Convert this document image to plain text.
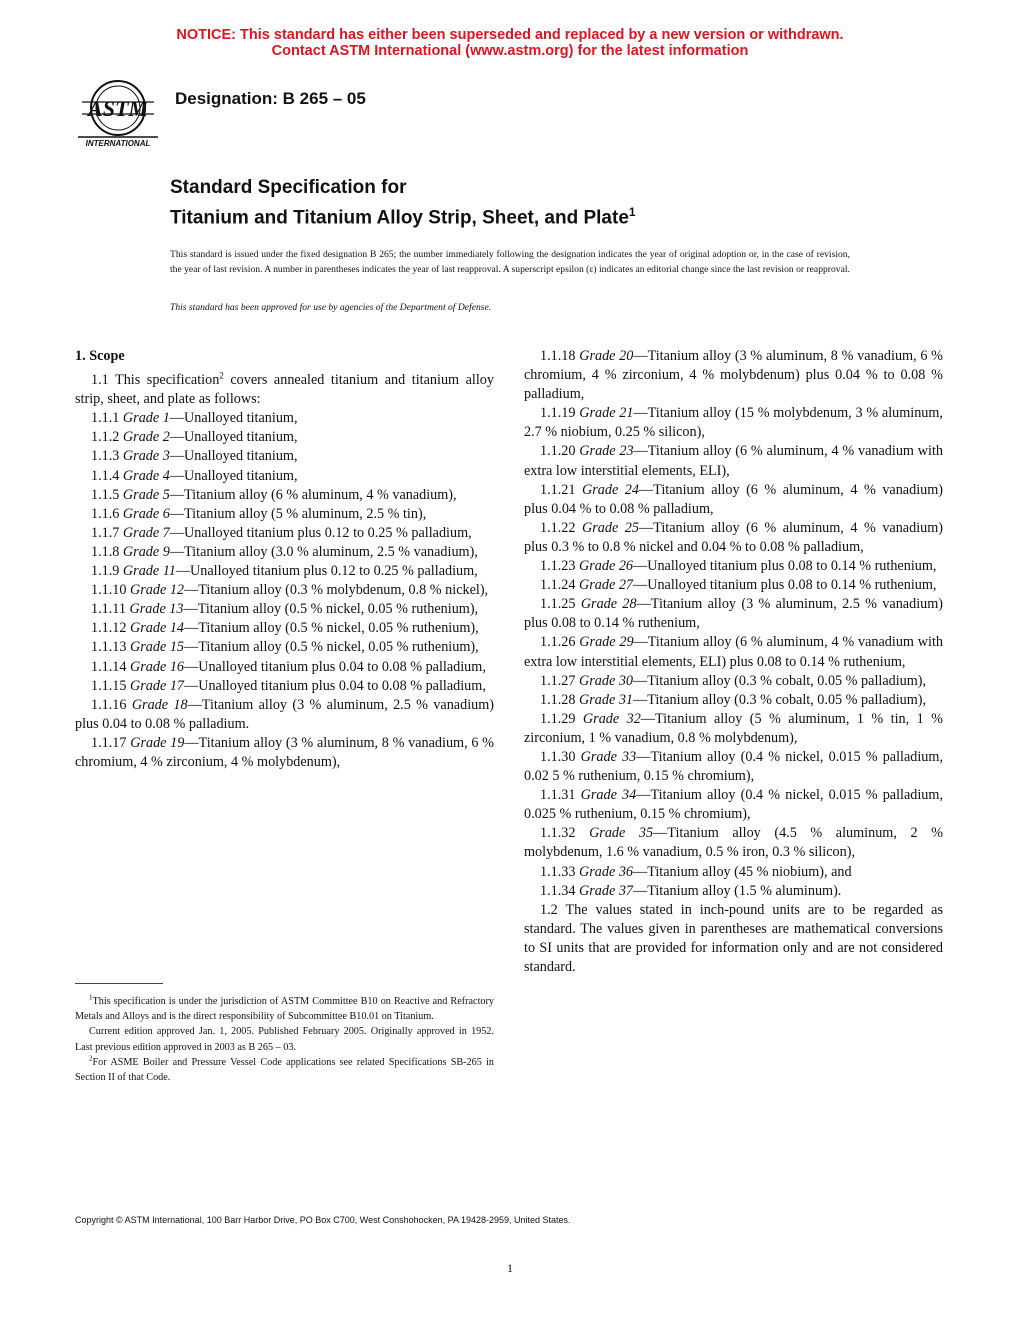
NOTICE: This standard has either been superseded and replaced by a new version or withdrawn.
Contact ASTM International (www.astm.org) for the latest information
ASTM
INTERNATIONAL
Designation: B 265 – 05
Standard Specification for
Titanium and Titanium Alloy Strip, Sheet, and Plate$^1$
This standard is issued under the fixed designation B 265; the number immediately following the designation indicates the year of original adoption or, in the case of revision, the year of last revision. A number in parentheses indicates the year of last reapproval. A superscript epsilon (ε) indicates an editorial change since the last revision or reapproval.
This standard has been approved for use by agencies of the Department of Defense.

1. Scope

1.1 This specification$^2$ covers annealed titanium and titanium alloy strip, sheet, and plate as follows:

1.1.1 Grade 1—Unalloyed titanium,

1.1.2 Grade 2—Unalloyed titanium,

1.1.3 Grade 3—Unalloyed titanium,

1.1.4 Grade 4—Unalloyed titanium,

1.1.5 Grade 5—Titanium alloy (6 % aluminum, 4 % vanadium),

1.1.6 Grade 6—Titanium alloy (5 % aluminum, 2.5 % tin),

1.1.7 Grade 7—Unalloyed titanium plus 0.12 to 0.25 % palladium,

1.1.8 Grade 9—Titanium alloy (3.0 % aluminum, 2.5 % vanadium),

1.1.9 Grade 11—Unalloyed titanium plus 0.12 to 0.25 % palladium,

1.1.10 Grade 12—Titanium alloy (0.3 % molybdenum, 0.8 % nickel),

1.1.11 Grade 13—Titanium alloy (0.5 % nickel, 0.05 % ruthenium),

1.1.12 Grade 14—Titanium alloy (0.5 % nickel, 0.05 % ruthenium),

1.1.13 Grade 15—Titanium alloy (0.5 % nickel, 0.05 % ruthenium),

1.1.14 Grade 16—Unalloyed titanium plus 0.04 to 0.08 % palladium,

1.1.15 Grade 17—Unalloyed titanium plus 0.04 to 0.08 % palladium,

1.1.16 Grade 18—Titanium alloy (3 % aluminum, 2.5 % vanadium) plus 0.04 to 0.08 % palladium.

1.1.17 Grade 19—Titanium alloy (3 % aluminum, 8 % vanadium, 6 % chromium, 4 % zirconium, 4 % molybdenum),

1.1.18 Grade 20—Titanium alloy (3 % aluminum, 8 % vanadium, 6 % chromium, 4 % zirconium, 4 % molybdenum) plus 0.04 % to 0.08 % palladium,

1.1.19 Grade 21—Titanium alloy (15 % molybdenum, 3 % aluminum, 2.7 % niobium, 0.25 % silicon),

1.1.20 Grade 23—Titanium alloy (6 % aluminum, 4 % vanadium with extra low interstitial elements, ELI),

1.1.21 Grade 24—Titanium alloy (6 % aluminum, 4 % vanadium) plus 0.04 % to 0.08 % palladium,

1.1.22 Grade 25—Titanium alloy (6 % aluminum, 4 % vanadium) plus 0.3 % to 0.8 % nickel and 0.04 % to 0.08 % palladium,

1.1.23 Grade 26—Unalloyed titanium plus 0.08 to 0.14 % ruthenium,

1.1.24 Grade 27—Unalloyed titanium plus 0.08 to 0.14 % ruthenium,

1.1.25 Grade 28—Titanium alloy (3 % aluminum, 2.5 % vanadium) plus 0.08 to 0.14 % ruthenium,

1.1.26 Grade 29—Titanium alloy (6 % aluminum, 4 % vanadium with extra low interstitial elements, ELI) plus 0.08 to 0.14 % ruthenium,

1.1.27 Grade 30—Titanium alloy (0.3 % cobalt, 0.05 % palladium),

1.1.28 Grade 31—Titanium alloy (0.3 % cobalt, 0.05 % palladium),

1.1.29 Grade 32—Titanium alloy (5 % aluminum, 1 % tin, 1 % zirconium, 1 % vanadium, 0.8 % molybdenum),

1.1.30 Grade 33—Titanium alloy (0.4 % nickel, 0.015 % palladium, 0.02 5 % ruthenium, 0.15 % chromium),

1.1.31 Grade 34—Titanium alloy (0.4 % nickel, 0.015 % palladium, 0.025 % ruthenium, 0.15 % chromium),

1.1.32 Grade 35—Titanium alloy (4.5 % aluminum, 2 % molybdenum, 1.6 % vanadium, 0.5 % iron, 0.3 % silicon),

1.1.33 Grade 36—Titanium alloy (45 % niobium), and

1.1.34 Grade 37—Titanium alloy (1.5 % aluminum).

1.2 The values stated in inch-pound units are to be regarded as standard. The values given in parentheses are mathematical conversions to SI units that are provided for information only and are not considered standard.

$^1$This specification is under the jurisdiction of ASTM Committee B10 on Reactive and Refractory Metals and Alloys and is the direct responsibility of Subcommittee B10.01 on Titanium.

Current edition approved Jan. 1, 2005. Published February 2005. Originally approved in 1952. Last previous edition approved in 2003 as B 265 – 03.

$^2$For ASME Boiler and Pressure Vessel Code applications see related Specifications SB-265 in Section II of that Code.

Copyright © ASTM International, 100 Barr Harbor Drive, PO Box C700, West Conshohocken, PA 19428-2959, United States.
1
